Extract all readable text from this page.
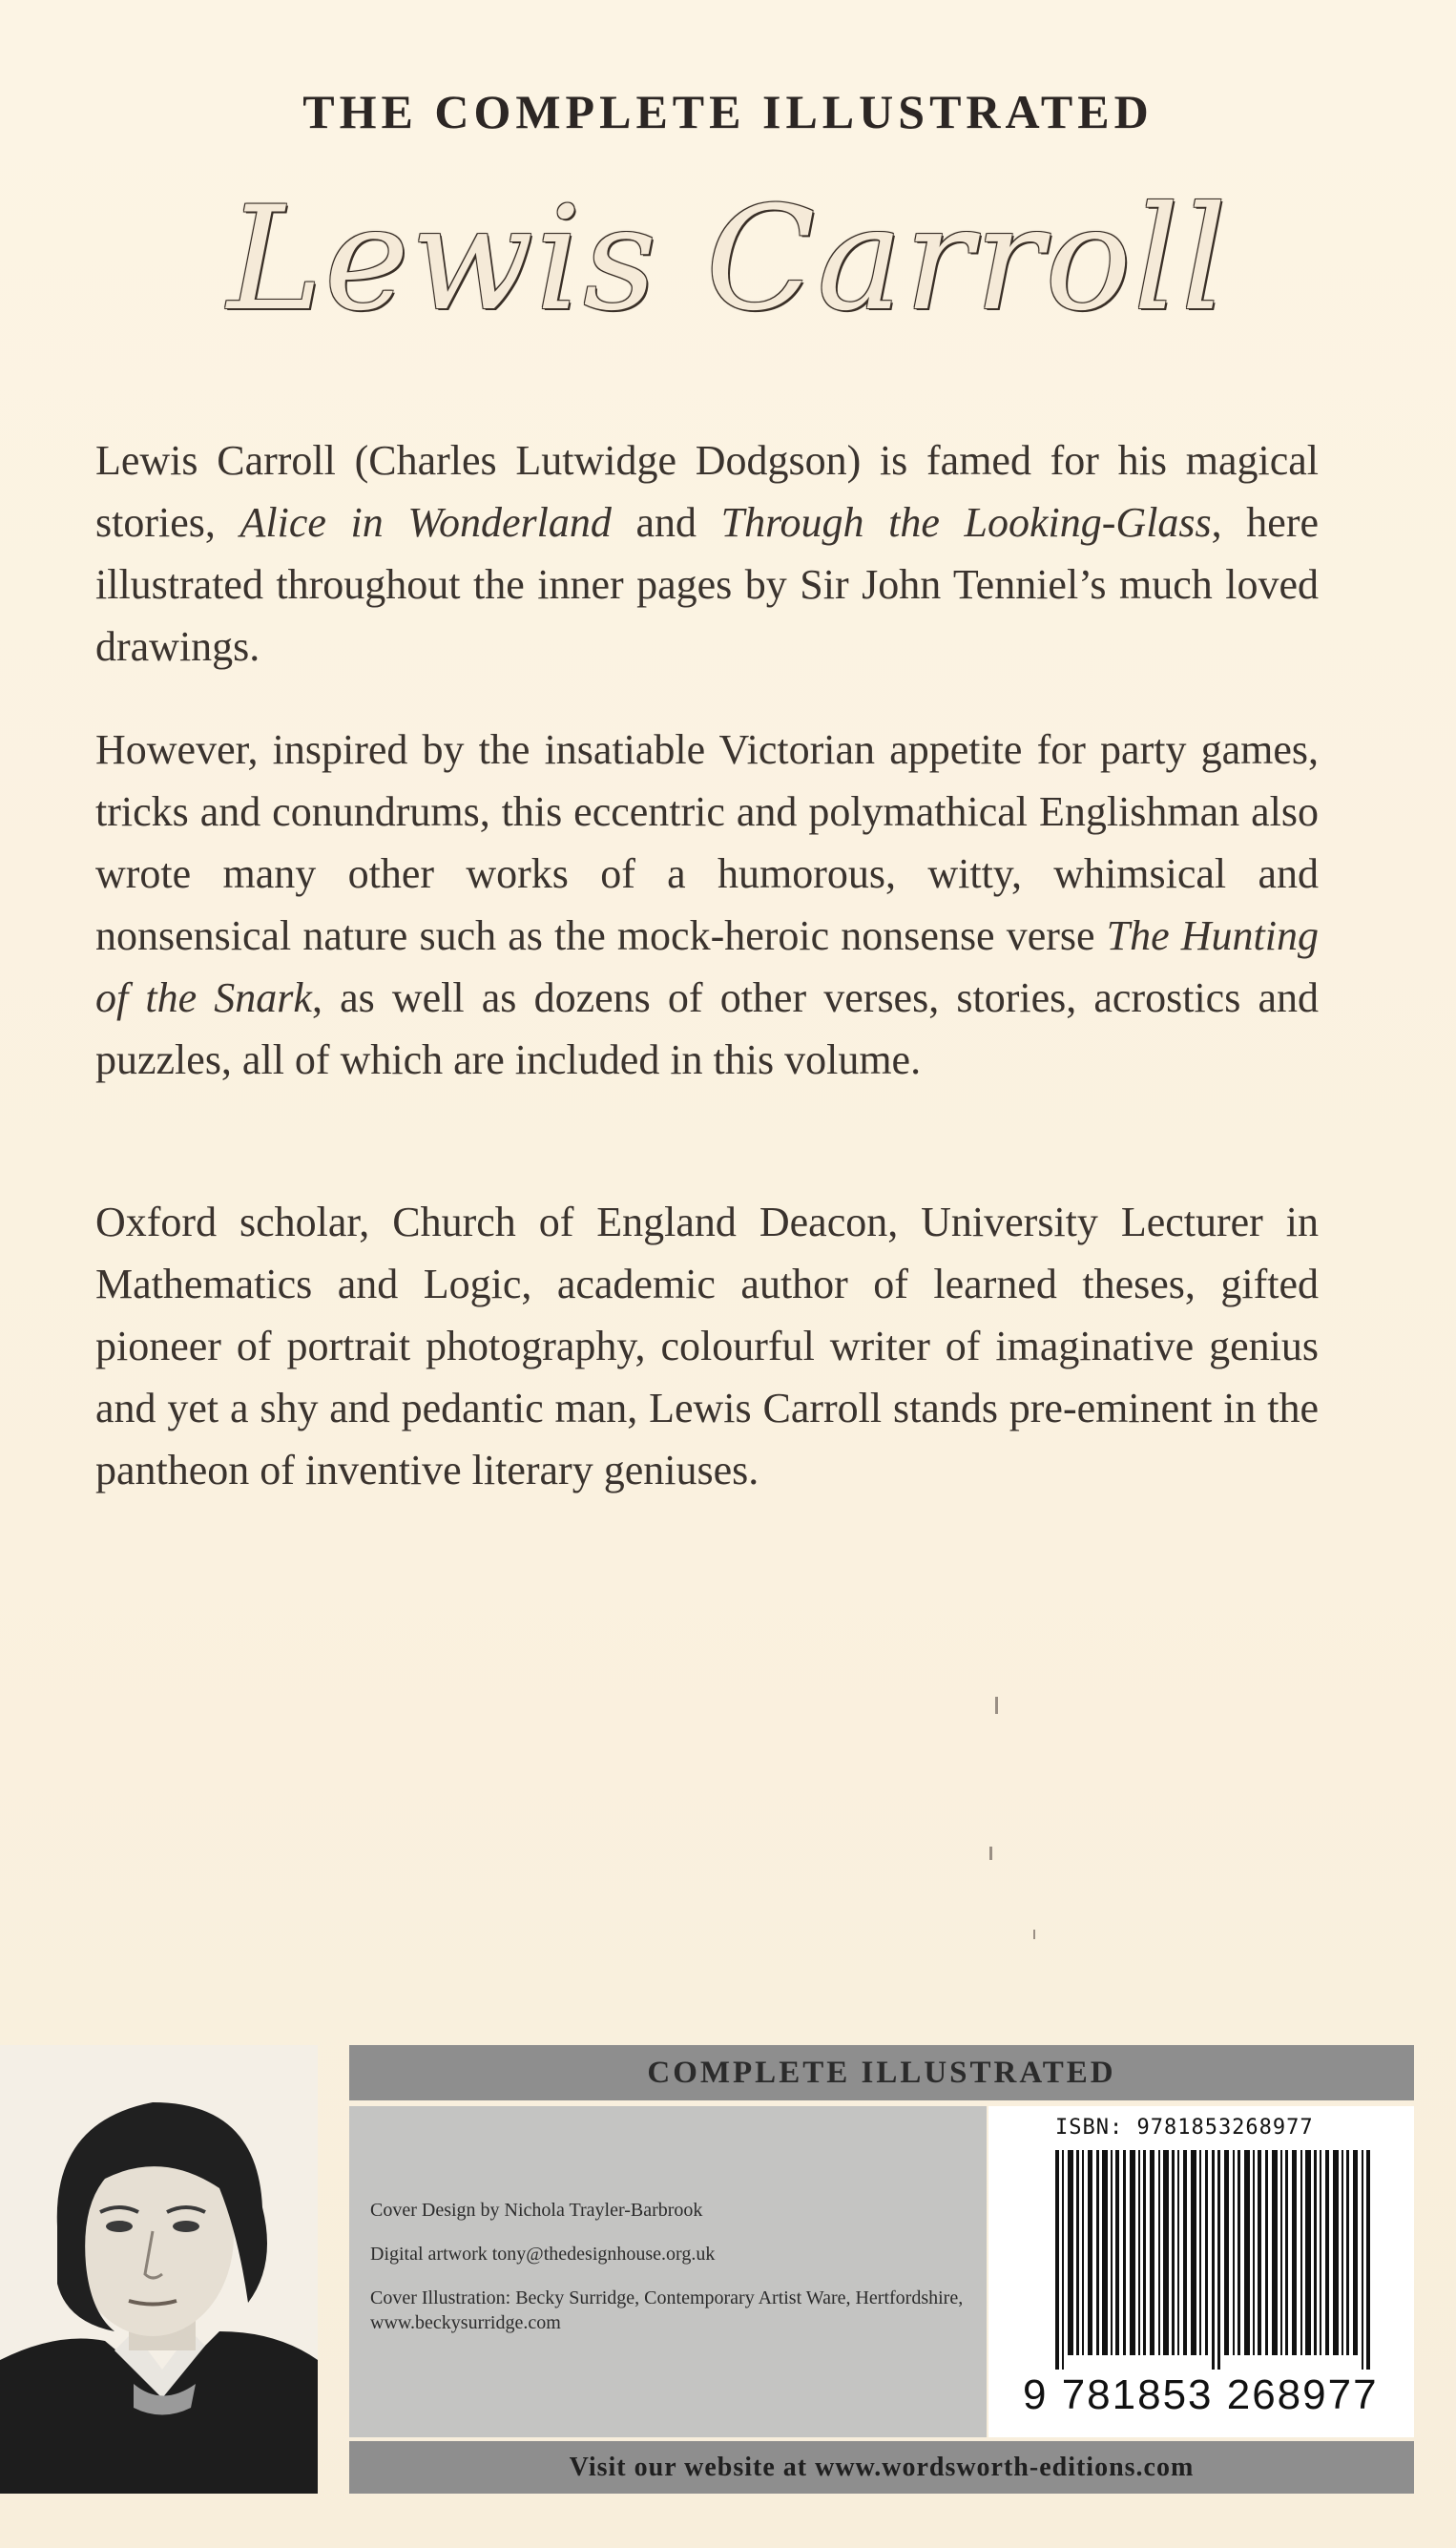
THE COMPLETE ILLUSTRATED
Lewis Carroll
Lewis Carroll (Charles Lutwidge Dodgson) is famed for his magical stories, Alice in Wonderland and Through the Looking-Glass, here illustrated throughout the inner pages by Sir John Tenniel’s much loved drawings.
However, inspired by the insatiable Victorian appetite for party games, tricks and conundrums, this eccentric and polymathical Englishman also wrote many other works of a humorous, witty, whimsical and nonsensical nature such as the mock-heroic nonsense verse The Hunting of the Snark, as well as dozens of other verses, stories, acrostics and puzzles, all of which are included in this volume.
Oxford scholar, Church of England Deacon, University Lecturer in Mathematics and Logic, academic author of learned theses, gifted pioneer of portrait photography, colourful writer of imaginative genius and yet a shy and pedantic man, Lewis Carroll stands pre-eminent in the pantheon of inventive literary geniuses.
COMPLETE ILLUSTRATED
Cover Design by Nichola Trayler-Barbrook
Digital artwork tony@thedesignhouse.org.uk
Cover Illustration: Becky Surridge, Contemporary Artist Ware, Hertfordshire, www.beckysurridge.com
ISBN: 9781853268977
9 781853 268977
Visit our website at www.wordsworth-editions.com
